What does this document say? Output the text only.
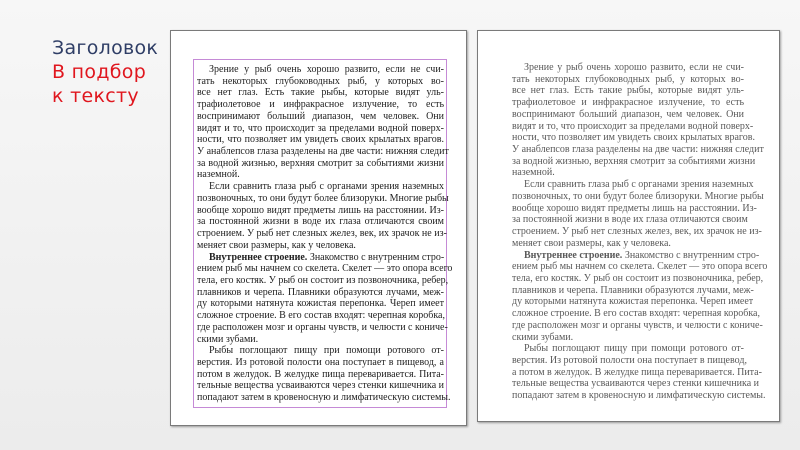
Заголовок
В подбор
к тексту
Зрение у рыб очень хорошо развито, если не счи-
тать некоторых глубоководных рыб, у которых во-
все нет глаз. Есть такие рыбы, которые видят уль-
трафиолетовое и инфракрасное излучение, то есть
воспринимают больший диапазон, чем человек. Они
видят и то, что происходит за пределами водной поверх-
ности, что позволяет им увидеть своих крылатых врагов.
У анаблепсов глаза разделены на две части: нижняя следит
за водной жизнью, верхняя смотрит за событиями жизни
наземной.
Если сравнить глаза рыб с органами зрения наземных
позвоночных, то они будут более близоруки. Многие рыбы
вообще хорошо видят предметы лишь на расстоянии. Из-
за постоянной жизни в воде их глаза отличаются своим
строением. У рыб нет слезных желез, век, их зрачок не из-
меняет свои размеры, как у человека.
Внутреннее строение. Знакомство с внутренним стро-
ением рыб мы начнем со скелета. Скелет — это опора всего
тела, его костяк. У рыб он состоит из позвоночника, ребер,
плавников и черепа. Плавники образуются лучами, меж-
ду которыми натянута кожистая перепонка. Череп имеет
сложное строение. В его состав входят: черепная коробка,
где расположен мозг и органы чувств, и челюсти с кониче-
скими зубами.
Рыбы поглощают пищу при помощи ротового от-
верстия. Из ротовой полости она поступает в пищевод, а
потом в желудок. В желудке пища переваривается. Пита-
тельные вещества усваиваются через стенки кишечника и
попадают затем в кровеносную и лимфатическую системы.
Зрение у рыб очень хорошо развито, если не счи-
тать некоторых глубоководных рыб, у которых во-
все нет глаз. Есть такие рыбы, которые видят уль-
трафиолетовое и инфракрасное излучение, то есть
воспринимают больший диапазон, чем человек. Они
видят и то, что происходит за пределами водной поверх-
ности, что позволяет им увидеть своих крылатых врагов.
У анаблепсов глаза разделены на две части: нижняя следит
за водной жизнью, верхняя смотрит за событиями жизни
наземной.
Если сравнить глаза рыб с органами зрения наземных
позвоночных, то они будут более близоруки. Многие рыбы
вообще хорошо видят предметы лишь на расстоянии. Из-
за постоянной жизни в воде их глаза отличаются своим
строением. У рыб нет слезных желез, век, их зрачок не из-
меняет свои размеры, как у человека.
Внутреннее строение. Знакомство с внутренним стро-
ением рыб мы начнем со скелета. Скелет — это опора всего
тела, его костяк. У рыб он состоит из позвоночника, ребер,
плавников и черепа. Плавники образуются лучами, меж-
ду которыми натянута кожистая перепонка. Череп имеет
сложное строение. В его состав входят: черепная коробка,
где расположен мозг и органы чувств, и челюсти с кониче-
скими зубами.
Рыбы поглощают пищу при помощи ротового от-
верстия. Из ротовой полости она поступает в пищевод,
а потом в желудок. В желудке пища переваривается. Пита-
тельные вещества усваиваются через стенки кишечника и
попадают затем в кровеносную и лимфатическую системы.
